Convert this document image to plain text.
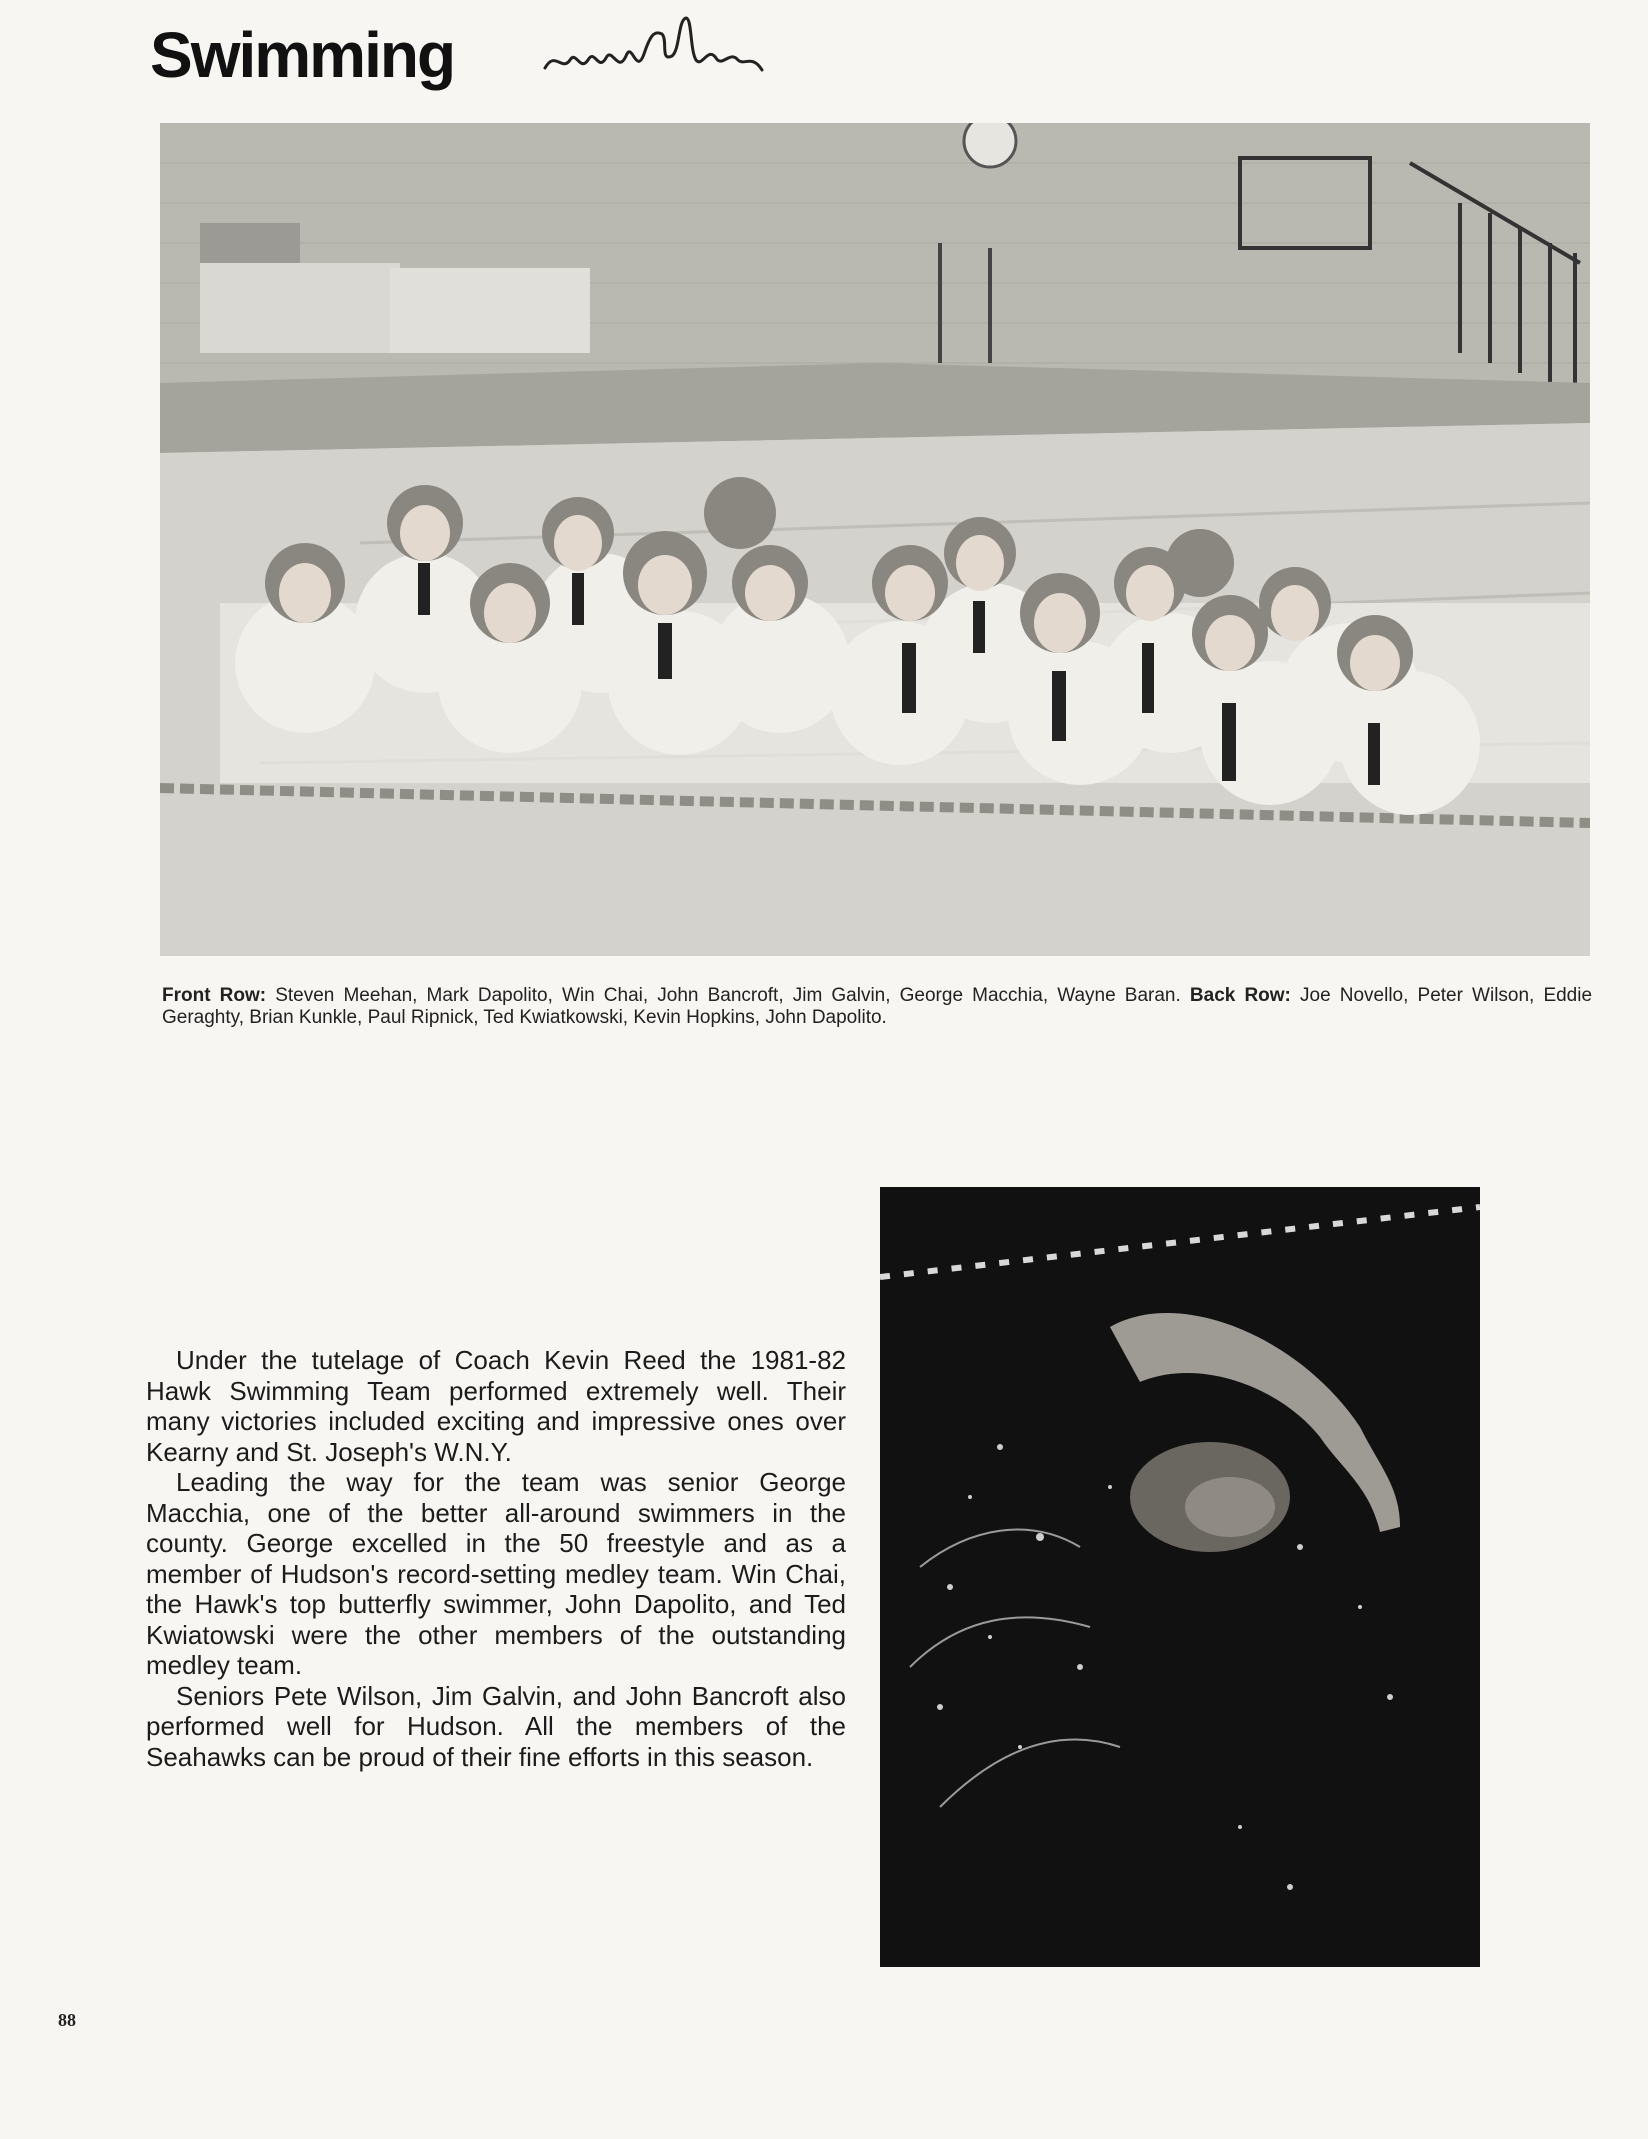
Swimming
Front Row: Steven Meehan, Mark Dapolito, Win Chai, John Bancroft, Jim Galvin, George Macchia, Wayne Baran. Back Row: Joe Novello, Peter Wilson, Eddie Geraghty, Brian Kunkle, Paul Ripnick, Ted Kwiatkowski, Kevin Hopkins, John Dapolito.

Under the tutelage of Coach Kevin Reed the 1981-82 Hawk Swimming Team performed extremely well. Their many victories included exciting and impressive ones over Kearny and St. Joseph's W.N.Y.

Leading the way for the team was senior George Macchia, one of the better all-around swimmers in the county. George excelled in the 50 freestyle and as a member of Hudson's record-setting medley team. Win Chai, the Hawk's top butterfly swimmer, John Dapolito, and Ted Kwiatowski were the other members of the outstanding medley team.

Seniors Pete Wilson, Jim Galvin, and John Bancroft also performed well for Hudson. All the members of the Seahawks can be proud of their fine efforts in this season.

88
